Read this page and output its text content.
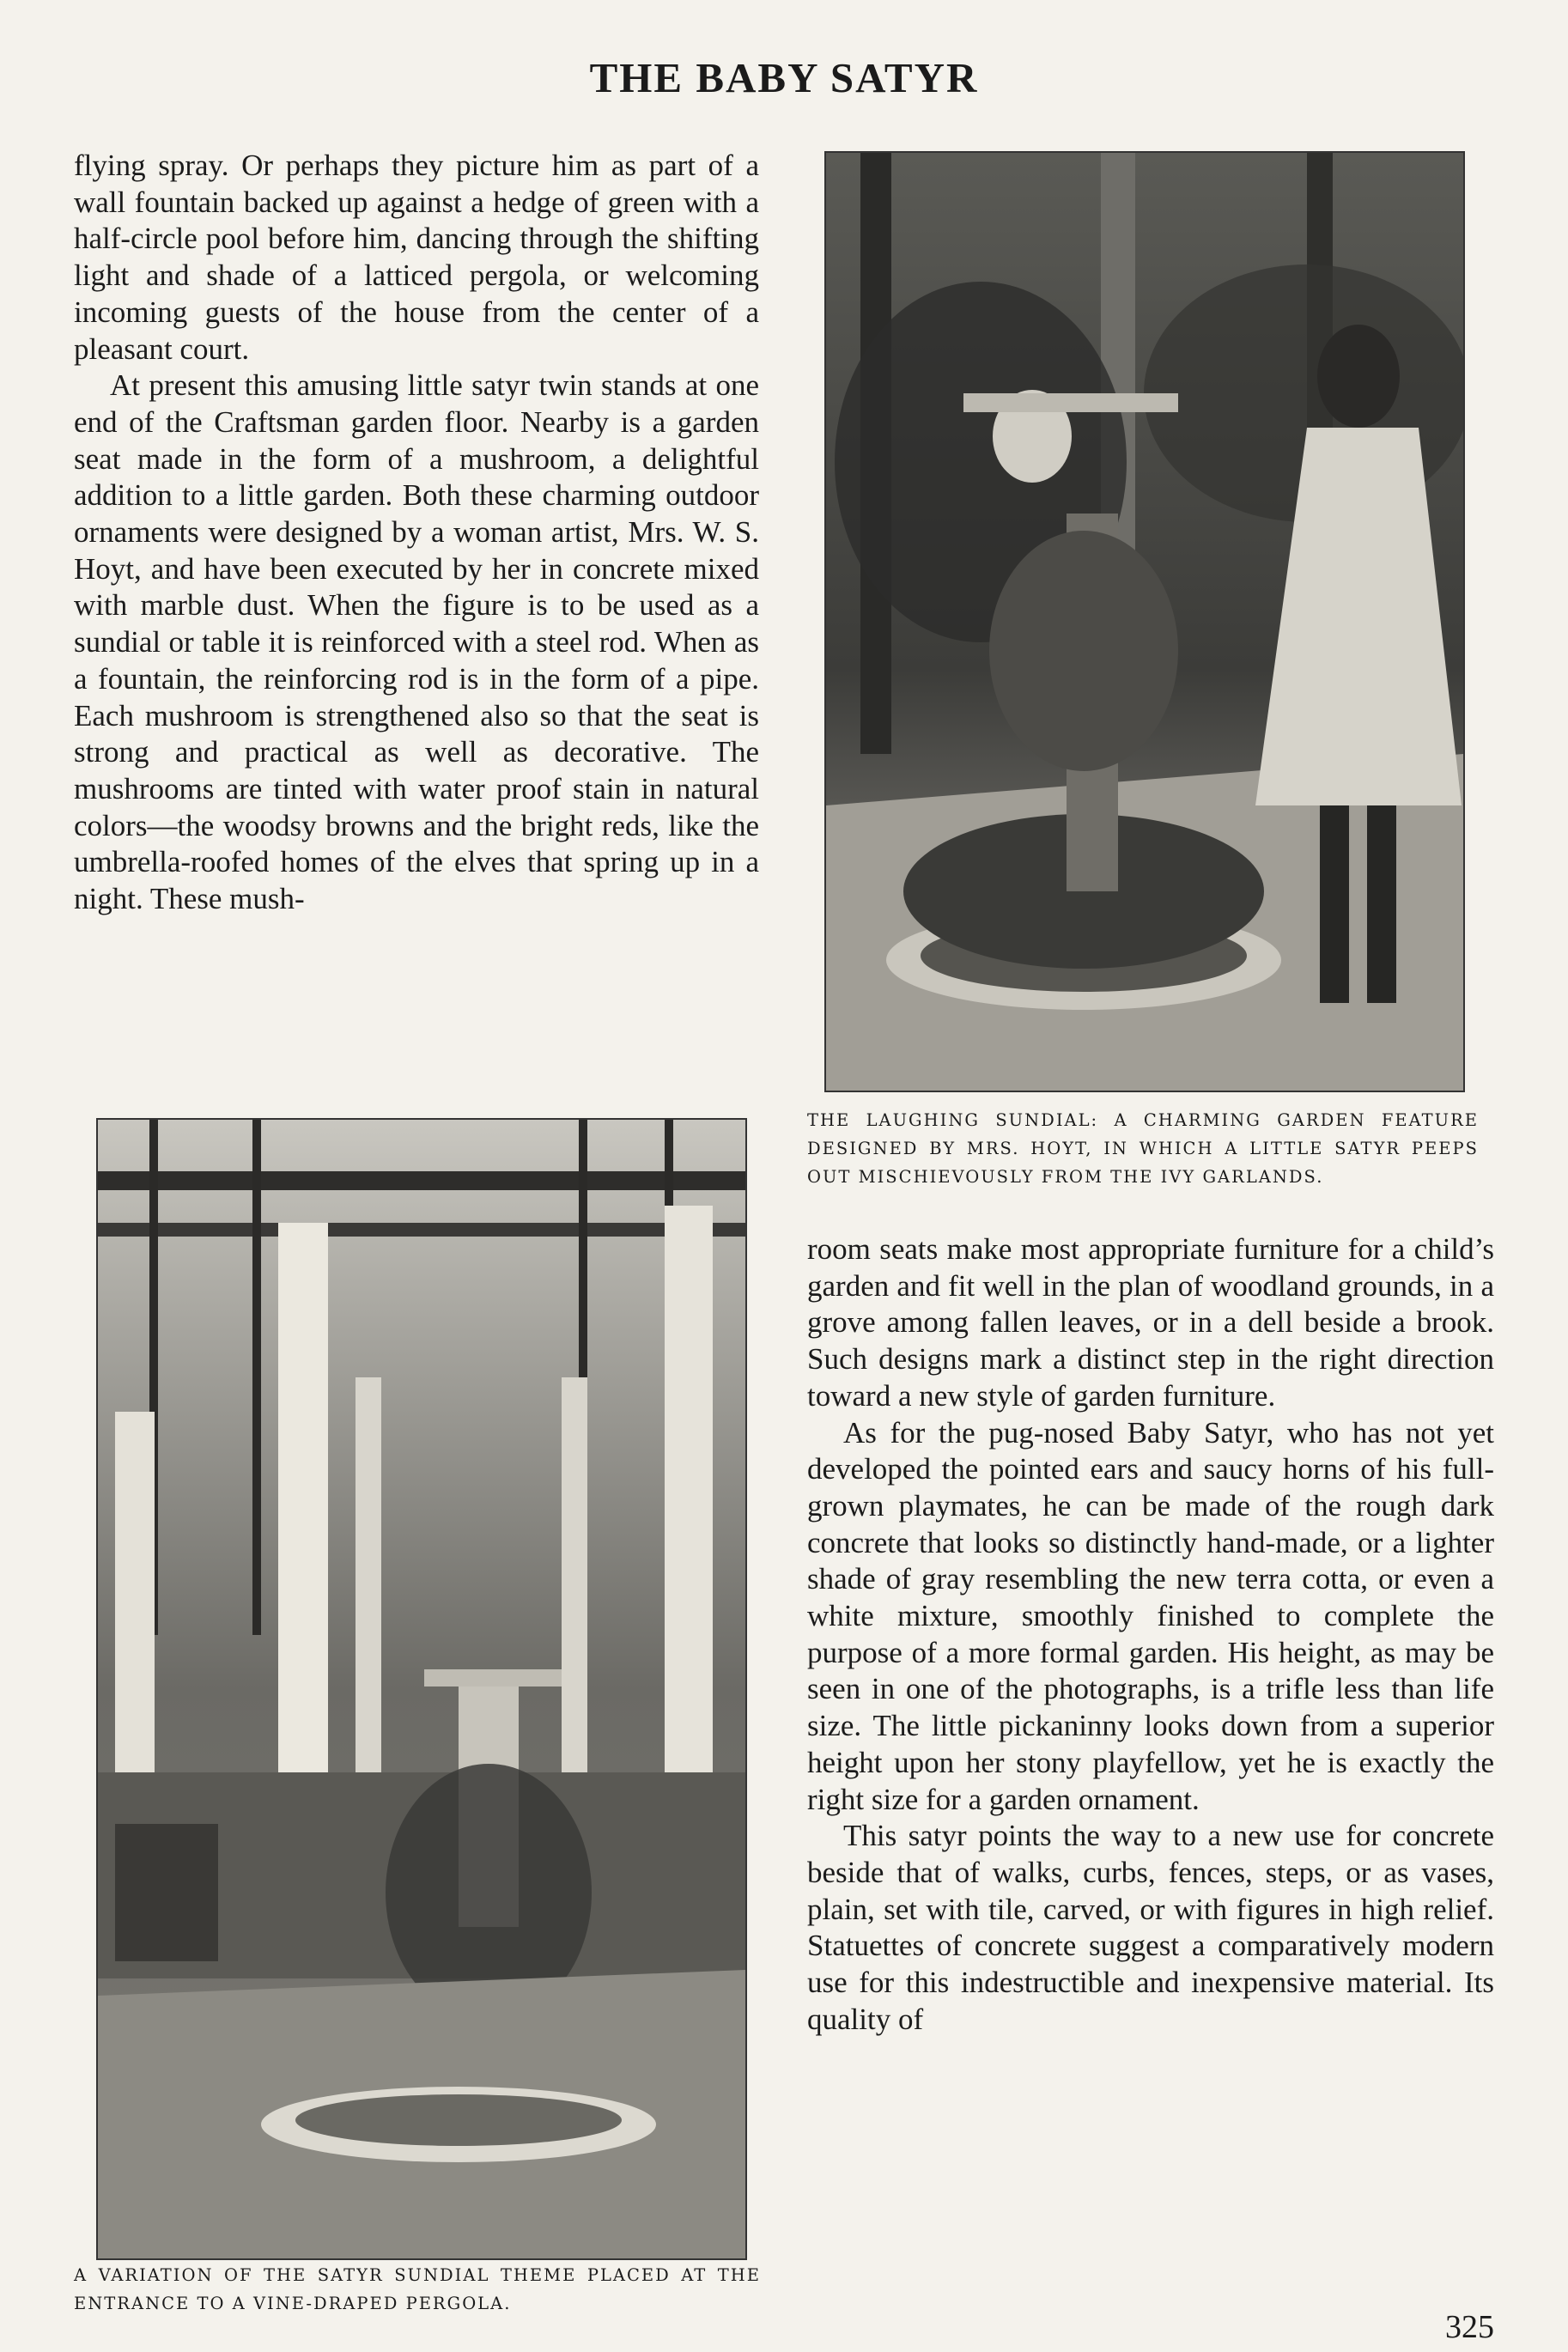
THE BABY SATYR

flying spray. Or perhaps they picture him as part of a wall fountain backed up against a hedge of green with a half-circle pool before him, dancing through the shifting light and shade of a latticed pergola, or welcoming incoming guests of the house from the center of a pleasant court.

At present this amusing little satyr twin stands at one end of the Craftsman garden floor. Nearby is a garden seat made in the form of a mushroom, a delightful addition to a little garden. Both these charming outdoor ornaments were designed by a woman artist, Mrs. W. S. Hoyt, and have been executed by her in concrete mixed with marble dust. When the figure is to be used as a sundial or table it is reinforced with a steel rod. When as a fountain, the reinforcing rod is in the form of a pipe. Each mushroom is strengthened also so that the seat is strong and practical as well as decorative. The mushrooms are tinted with water proof stain in natural colors—the woodsy browns and the bright reds, like the umbrella-roofed homes of the elves that spring up in a night. These mush-

THE LAUGHING SUNDIAL: A CHARMING GARDEN FEATURE DESIGNED BY MRS. HOYT, IN WHICH A LITTLE SATYR PEEPS OUT MISCHIEVOUSLY FROM THE IVY GARLANDS.

room seats make most appropriate furniture for a child’s garden and fit well in the plan of woodland grounds, in a grove among fallen leaves, or in a dell beside a brook. Such designs mark a distinct step in the right direction toward a new style of garden furniture.

As for the pug-nosed Baby Satyr, who has not yet developed the pointed ears and saucy horns of his full-grown playmates, he can be made of the rough dark concrete that looks so distinctly hand-made, or a lighter shade of gray resembling the new terra cotta, or even a white mixture, smoothly finished to complete the purpose of a more formal garden. His height, as may be seen in one of the photographs, is a trifle less than life size. The little pickaninny looks down from a superior height upon her stony playfellow, yet he is exactly the right size for a garden ornament.

This satyr points the way to a new use for concrete beside that of walks, curbs, fences, steps, or as vases, plain, set with tile, carved, or with figures in high relief. Statuettes of concrete suggest a comparatively modern use for this indestructible and inexpensive material. Its quality of

A VARIATION OF THE SATYR SUNDIAL THEME PLACED AT THE ENTRANCE TO A VINE-DRAPED PERGOLA.
325
